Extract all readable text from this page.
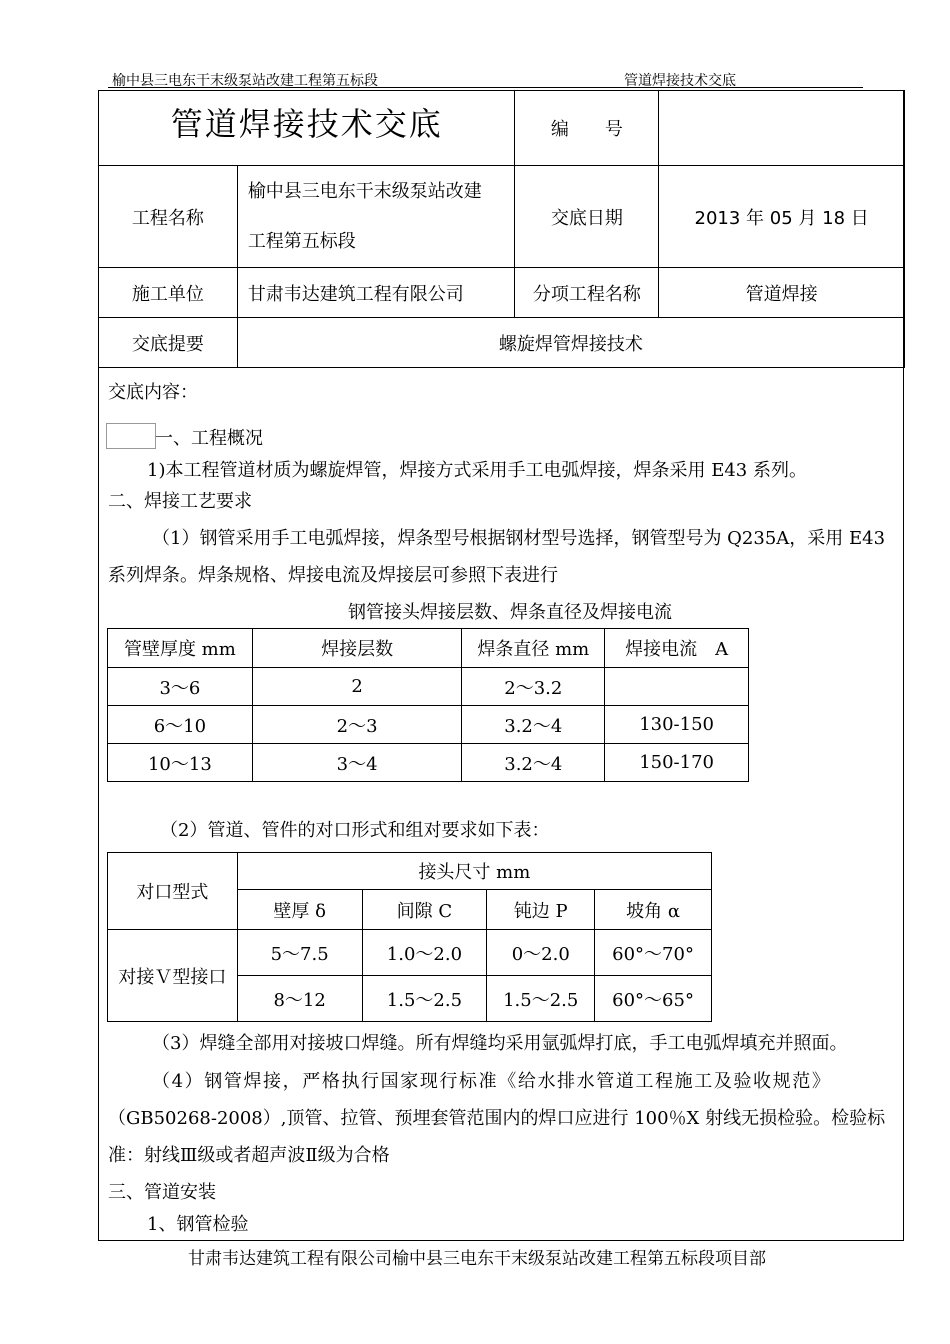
榆中县三电东干末级泵站改建工程第五标段	管道焊接技术交底
管道焊接技术交底		编　　号	
工程名称	榆中县三电东干末级泵站改建
工程第五标段	交底日期	2013 年 05 月 18 日
施工单位	甘肃韦达建筑工程有限公司	分项工程名称	管道焊接
交底提要	螺旋焊管焊接技术		
交底内容：
一、工程概况
1)本工程管道材质为螺旋焊管，焊接方式采用手工电弧焊接，焊条采用 E43 系列。
二、焊接工艺要求
（1）钢管采用手工电弧焊接，焊条型号根据钢材型号选择，钢管型号为 Q235A，采用 E43
系列焊条。焊条规格、焊接电流及焊接层可参照下表进行
钢管接头焊接层数、焊条直径及焊接电流
管壁厚度 mm	焊接层数	焊条直径 mm	焊接电流　A
3～6	2	2～3.2	
6～10	2～3	3.2～4	130-150
10～13	3～4	3.2～4	150-170
（2）管道、管件的对口形式和组对要求如下表：
对口型式	接头尺寸 mm			
	壁厚 δ	间隙 C	钝边 P	坡角 α
对接Ｖ型接口	5～7.5	1.0～2.0	0～2.0	60°～70°
	8～12	1.5～2.5	1.5～2.5	60°～65°
（3）焊缝全部用对接坡口焊缝。所有焊缝均采用氩弧焊打底，手工电弧焊填充并照面。
（4）钢管焊接，严格执行国家现行标准《给水排水管道工程施工及验收规范》
（GB50268-2008）,顶管、拉管、预埋套管范围内的焊口应进行 100％X 射线无损检验。检验标
准：射线Ⅲ级或者超声波Ⅱ级为合格
三、管道安装
1、钢管检验
甘肃韦达建筑工程有限公司榆中县三电东干末级泵站改建工程第五标段项目部
